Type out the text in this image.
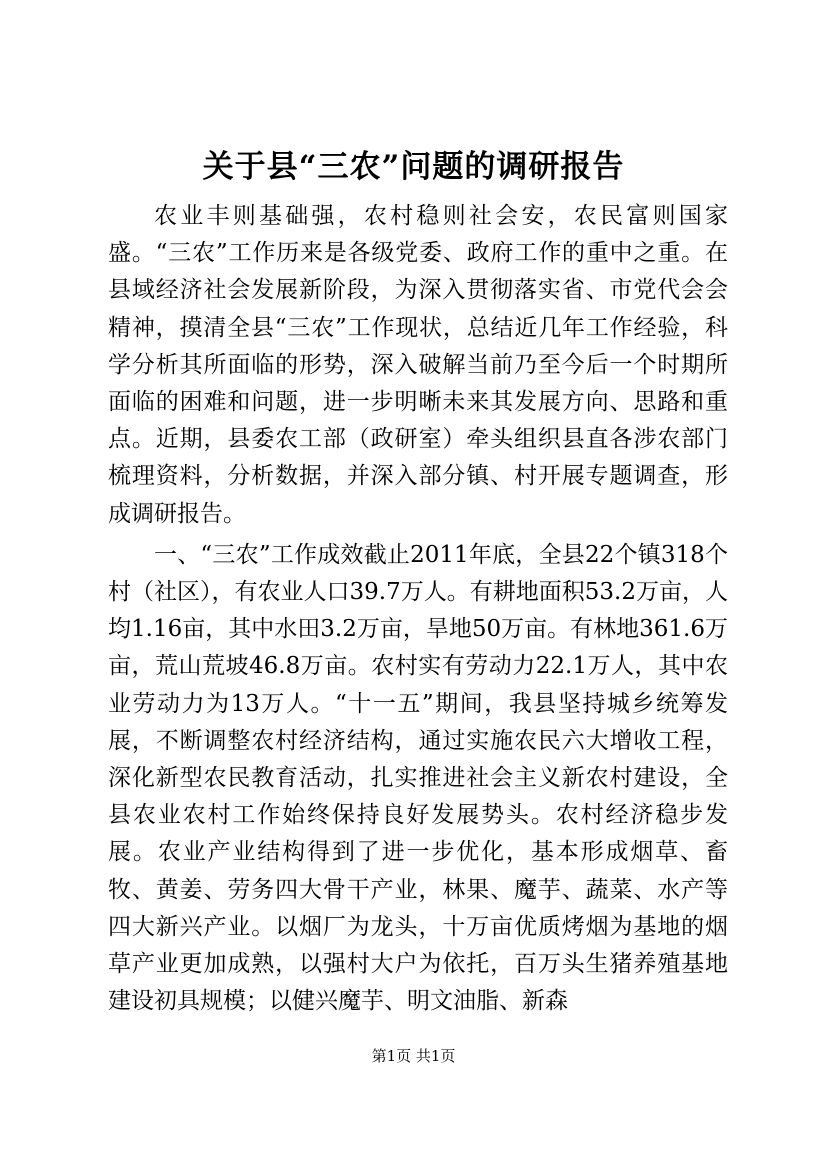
关于县“三农”问题的调研报告

农业丰则基础强，农村稳则社会安，农民富则国家盛。“三农”工作历来是各级党委、政府工作的重中之重。在县域经济社会发展新阶段，为深入贯彻落实省、市党代会会精神，摸清全县“三农”工作现状，总结近几年工作经验，科学分析其所面临的形势，深入破解当前乃至今后一个时期所面临的困难和问题，进一步明晰未来其发展方向、思路和重点。近期，县委农工部（政研室）牵头组织县直各涉农部门梳理资料，分析数据，并深入部分镇、村开展专题调查，形成调研报告。

一、“三农”工作成效截止2011年底，全县22个镇318个村（社区），有农业人口39.7万人。有耕地面积53.2万亩，人均1.16亩，其中水田3.2万亩，旱地50万亩。有林地361.6万亩，荒山荒坡46.8万亩。农村实有劳动力22.1万人，其中农业劳动力为13万人。“十一五”期间，我县坚持城乡统筹发展，不断调整农村经济结构，通过实施农民六大增收工程，深化新型农民教育活动，扎实推进社会主义新农村建设，全县农业农村工作始终保持良好发展势头。农村经济稳步发展。农业产业结构得到了进一步优化，基本形成烟草、畜牧、黄姜、劳务四大骨干产业，林果、魔芋、蔬菜、水产等四大新兴产业。以烟厂为龙头，十万亩优质烤烟为基地的烟草产业更加成熟，以强村大户为依托，百万头生猪养殖基地建设初具规模；以健兴魔芋、明文油脂、新森

第1页 共1页
